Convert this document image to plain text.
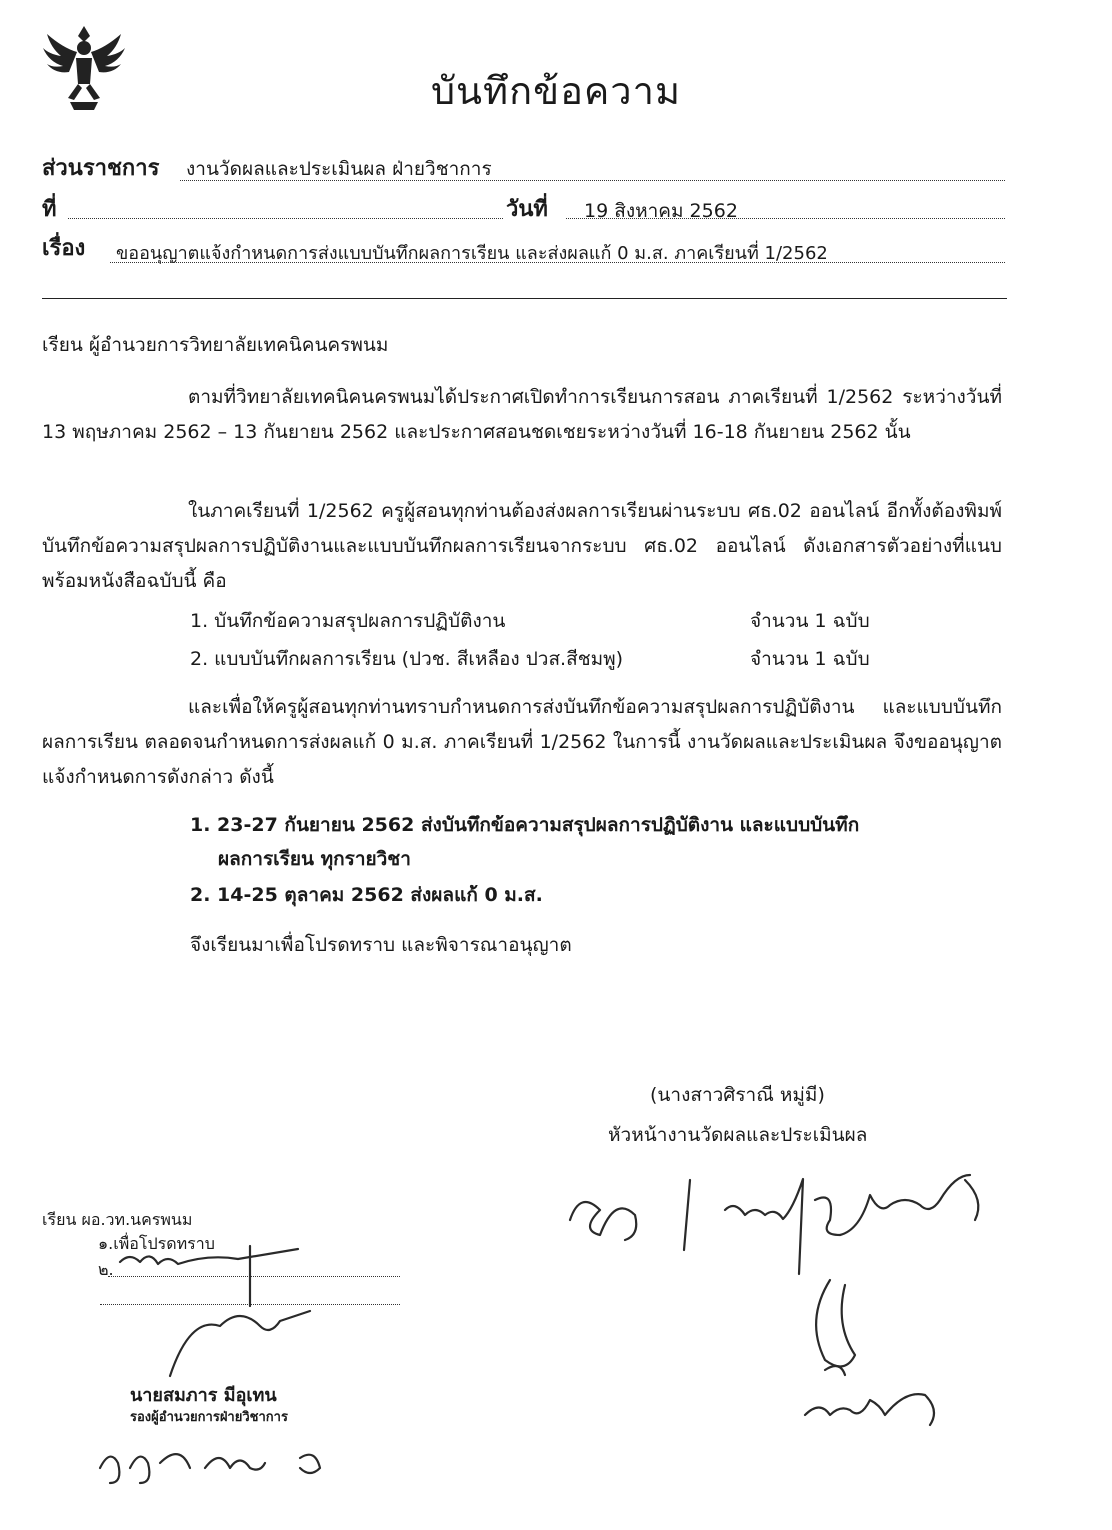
บันทึกข้อความ
ส่วนราชการ งานวัดผลและประเมินผล ฝ่ายวิชาการ
ที่	วันที่ 19 สิงหาคม 2562
เรื่อง ขออนุญาตแจ้งกำหนดการส่งแบบบันทึกผลการเรียน และส่งผลแก้ 0 ม.ส. ภาคเรียนที่ 1/2562
เรียน ผู้อำนวยการวิทยาลัยเทคนิคนครพนม
ตามที่วิทยาลัยเทคนิคนครพนมได้ประกาศเปิดทำการเรียนการสอน ภาคเรียนที่ 1/2562 ระหว่างวันที่ 13 พฤษภาคม 2562 – 13 กันยายน 2562 และประกาศสอนชดเชยระหว่างวันที่ 16-18 กันยายน 2562 นั้น
ในภาคเรียนที่ 1/2562 ครูผู้สอนทุกท่านต้องส่งผลการเรียนผ่านระบบ ศธ.02 ออนไลน์ อีกทั้งต้องพิมพ์บันทึกข้อความสรุปผลการปฏิบัติงานและแบบบันทึกผลการเรียนจากระบบ ศธ.02 ออนไลน์ ดังเอกสารตัวอย่างที่แนบพร้อมหนังสือฉบับนี้ คือ
1. บันทึกข้อความสรุปผลการปฏิบัติงาน	จำนวน 1 ฉบับ
2. แบบบันทึกผลการเรียน (ปวช. สีเหลือง ปวส.สีชมพู)	จำนวน 1 ฉบับ
และเพื่อให้ครูผู้สอนทุกท่านทราบกำหนดการส่งบันทึกข้อความสรุปผลการปฏิบัติงาน และแบบบันทึกผลการเรียน ตลอดจนกำหนดการส่งผลแก้ 0 ม.ส. ภาคเรียนที่ 1/2562 ในการนี้ งานวัดผลและประเมินผล จึงขออนุญาตแจ้งกำหนดการดังกล่าว ดังนี้
1. 23-27 กันยายน 2562 ส่งบันทึกข้อความสรุปผลการปฏิบัติงาน และแบบบันทึก
ผลการเรียน ทุกรายวิชา
2. 14-25 ตุลาคม 2562 ส่งผลแก้ 0 ม.ส.
จึงเรียนมาเพื่อโปรดทราบ และพิจารณาอนุญาต
(นางสาวศิราณี หมู่มี)
หัวหน้างานวัดผลและประเมินผล
เรียน ผอ.วท.นครพนม
๑.เพื่อโปรดทราบ
๒.
นายสมภาร มีอุเทน
รองผู้อำนวยการฝ่ายวิชาการ
